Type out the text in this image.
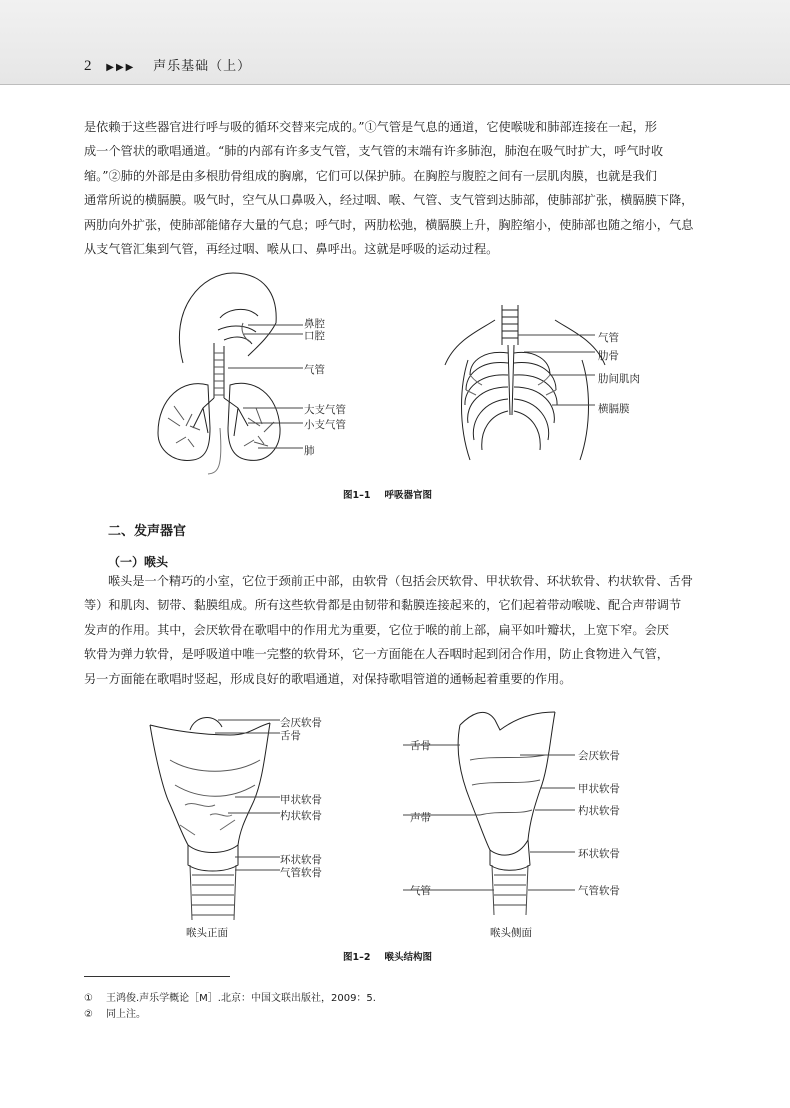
2 ▶▶▶ 声乐基础（上）
是依赖于这些器官进行呼与吸的循环交替来完成的。”①气管是气息的通道，它使喉咙和肺部连接在一起，形
成一个管状的歌唱通道。“肺的内部有许多支气管，支气管的末端有许多肺泡，肺泡在吸气时扩大，呼气时收
缩。”②肺的外部是由多根肋骨组成的胸廓，它们可以保护肺。在胸腔与腹腔之间有一层肌肉膜，也就是我们
通常所说的横膈膜。吸气时，空气从口鼻吸入，经过咽、喉、气管、支气管到达肺部，使肺部扩张，横膈膜下降，
两肋向外扩张，使肺部能储存大量的气息；呼气时，两肋松弛，横膈膜上升，胸腔缩小，使肺部也随之缩小，气息
从支气管汇集到气管，再经过咽、喉从口、鼻呼出。这就是呼吸的运动过程。
鼻腔
口腔
气管
大支气管
小支气管
肺
气管
肋骨
肋间肌肉
横膈膜
图1–1 呼吸器官图
二、发声器官
（一）喉头
喉头是一个精巧的小室，它位于颈前正中部，由软骨（包括会厌软骨、甲状软骨、环状软骨、杓状软骨、舌骨
等）和肌肉、韧带、黏膜组成。所有这些软骨都是由韧带和黏膜连接起来的，它们起着带动喉咙、配合声带调节
发声的作用。其中，会厌软骨在歌唱中的作用尤为重要，它位于喉的前上部，扁平如叶瓣状，上宽下窄。会厌
软骨为弹力软骨，是呼吸道中唯一完整的软骨环，它一方面能在人吞咽时起到闭合作用，防止食物进入气管，
另一方面能在歌唱时竖起，形成良好的歌唱通道，对保持歌唱管道的通畅起着重要的作用。
会厌软骨
舌骨
甲状软骨
杓状软骨
环状软骨
气管软骨
喉头正面
舌骨
声带
气管
会厌软骨
甲状软骨
杓状软骨
环状软骨
气管软骨
喉头侧面
图1–2 喉头结构图
① 王鸿俊.声乐学概论［M］.北京：中国文联出版社，2009：5.
② 同上注。
